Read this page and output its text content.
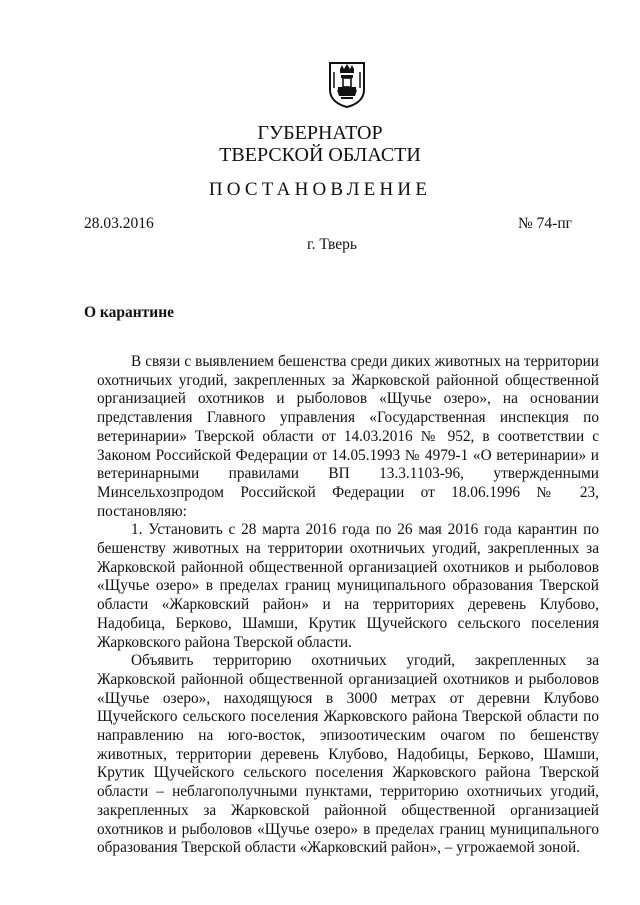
ГУБЕРНАТОР
ТВЕРСКОЙ ОБЛАСТИ
ПОСТАНОВЛЕНИЕ
28.03.2016	№ 74-пг
г. Тверь
О карантине

В связи с выявлением бешенства среди диких животных на территории охотничьих угодий, закрепленных за Жарковской районной общественной организацией охотников и рыболовов «Щучье озеро», на основании представления Главного управления «Государственная инспекция по ветеринарии» Тверской области от 14.03.2016 № 952, в соответствии с Законом Российской Федерации от 14.05.1993 № 4979-1 «О ветеринарии» и ветеринарными правилами ВП 13.3.1103-96, утвержденными Минсельхозпродом Российской Федерации от 18.06.1996 № 23, постановляю:

1. Установить с 28 марта 2016 года по 26 мая 2016 года карантин по бешенству животных на территории охотничьих угодий, закрепленных за Жарковской районной общественной организацией охотников и рыболовов «Щучье озеро» в пределах границ муниципального образования Тверской области «Жарковский район» и на территориях деревень Клубово, Надобица, Берково, Шамши, Крутик Щучейского сельского поселения Жарковского района Тверской области.

Объявить территорию охотничьих угодий, закрепленных за Жарковской районной общественной организацией охотников и рыболовов «Щучье озеро», находящуюся в 3000 метрах от деревни Клубово Щучейского сельского поселения Жарковского района Тверской области по направлению на юго-восток, эпизоотическим очагом по бешенству животных, территории деревень Клубово, Надобицы, Берково, Шамши, Крутик Щучейского сельского поселения Жарковского района Тверской области – неблагополучными пунктами, территорию охотничьих угодий, закрепленных за Жарковской районной общественной организацией охотников и рыболовов «Щучье озеро» в пределах границ муниципального образования Тверской области «Жарковский район», – угрожаемой зоной.
